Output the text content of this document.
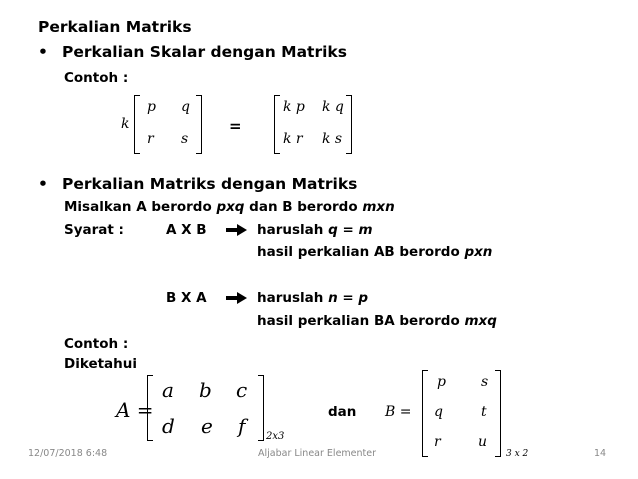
Perkalian Matriks
• Perkalian Skalar dengan Matriks
Contoh :
k
p q
r s
=
k p k q
k r k s
• Perkalian Matriks dengan Matriks
Misalkan A berordo pxq dan B berordo mxn
Syarat :	A X B	haruslah q = m
hasil perkalian AB berordo pxn
B X A	haruslah n = p
hasil perkalian BA berordo mxq
Contoh :
Diketahui
A =
a b c
d e f 2x3
dan B =
p	s
q	t
r	u
3 x 2
12/07/2018 6:48	Aljabar Linear Elementer	14
